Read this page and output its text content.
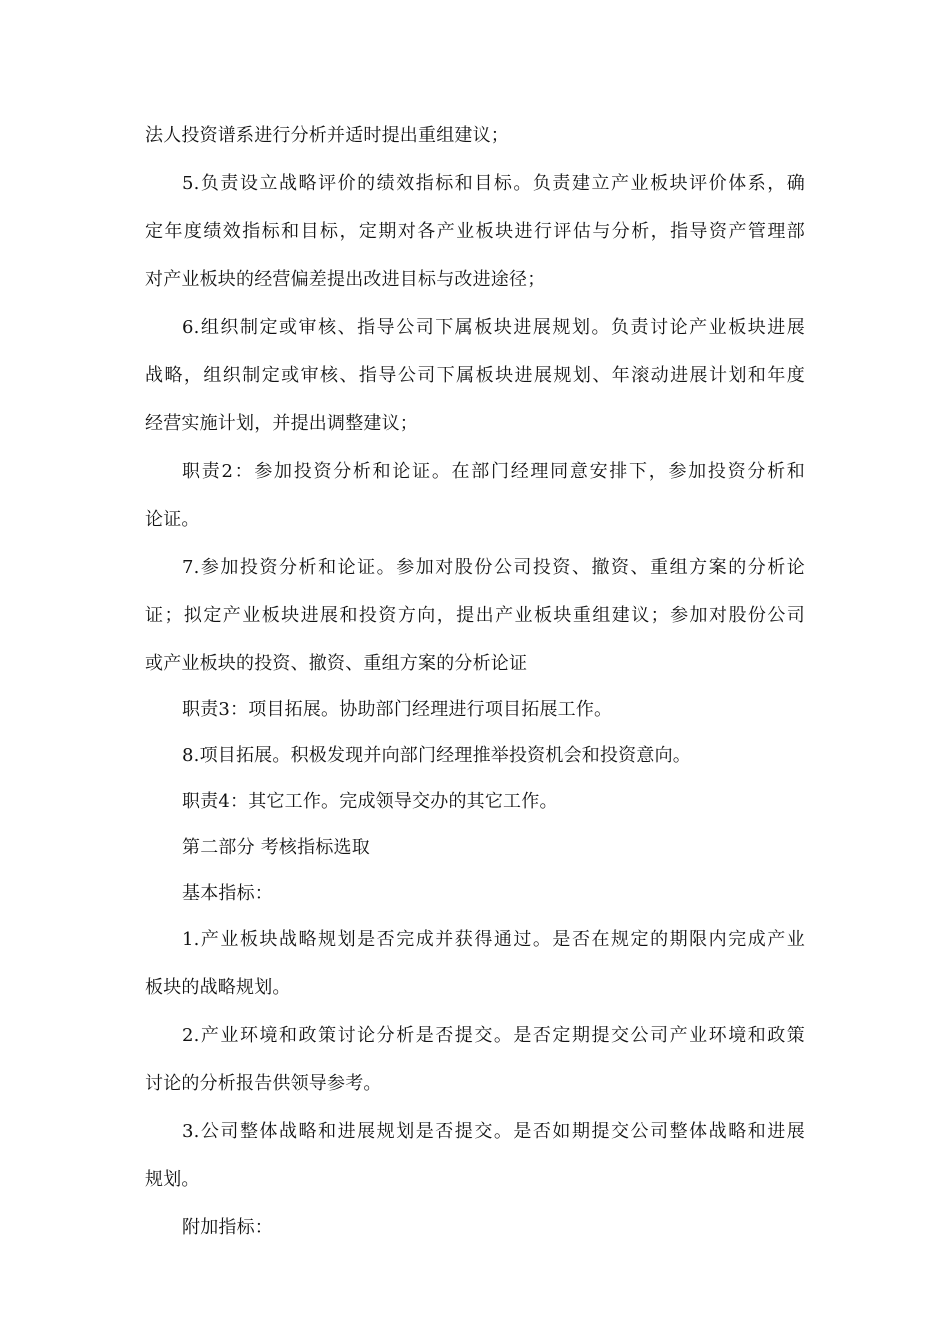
法人投资谱系进行分析并适时提出重组建议；
5.负责设立战略评价的绩效指标和目标。负责建立产业板块评价体系，确
定年度绩效指标和目标，定期对各产业板块进行评估与分析，指导资产管理部
对产业板块的经营偏差提出改进目标与改进途径；
6.组织制定或审核、指导公司下属板块进展规划。负责讨论产业板块进展
战略，组织制定或审核、指导公司下属板块进展规划、年滚动进展计划和年度
经营实施计划，并提出调整建议；
职责2：参加投资分析和论证。在部门经理同意安排下，参加投资分析和
论证。
7.参加投资分析和论证。参加对股份公司投资、撤资、重组方案的分析论
证；拟定产业板块进展和投资方向，提出产业板块重组建议；参加对股份公司
或产业板块的投资、撤资、重组方案的分析论证
职责3：项目拓展。协助部门经理进行项目拓展工作。
8.项目拓展。积极发现并向部门经理推举投资机会和投资意向。
职责4：其它工作。完成领导交办的其它工作。
第二部分 考核指标选取
基本指标：
1.产业板块战略规划是否完成并获得通过。是否在规定的期限内完成产业
板块的战略规划。
2.产业环境和政策讨论分析是否提交。是否定期提交公司产业环境和政策
讨论的分析报告供领导参考。
3.公司整体战略和进展规划是否提交。是否如期提交公司整体战略和进展
规划。
附加指标：
